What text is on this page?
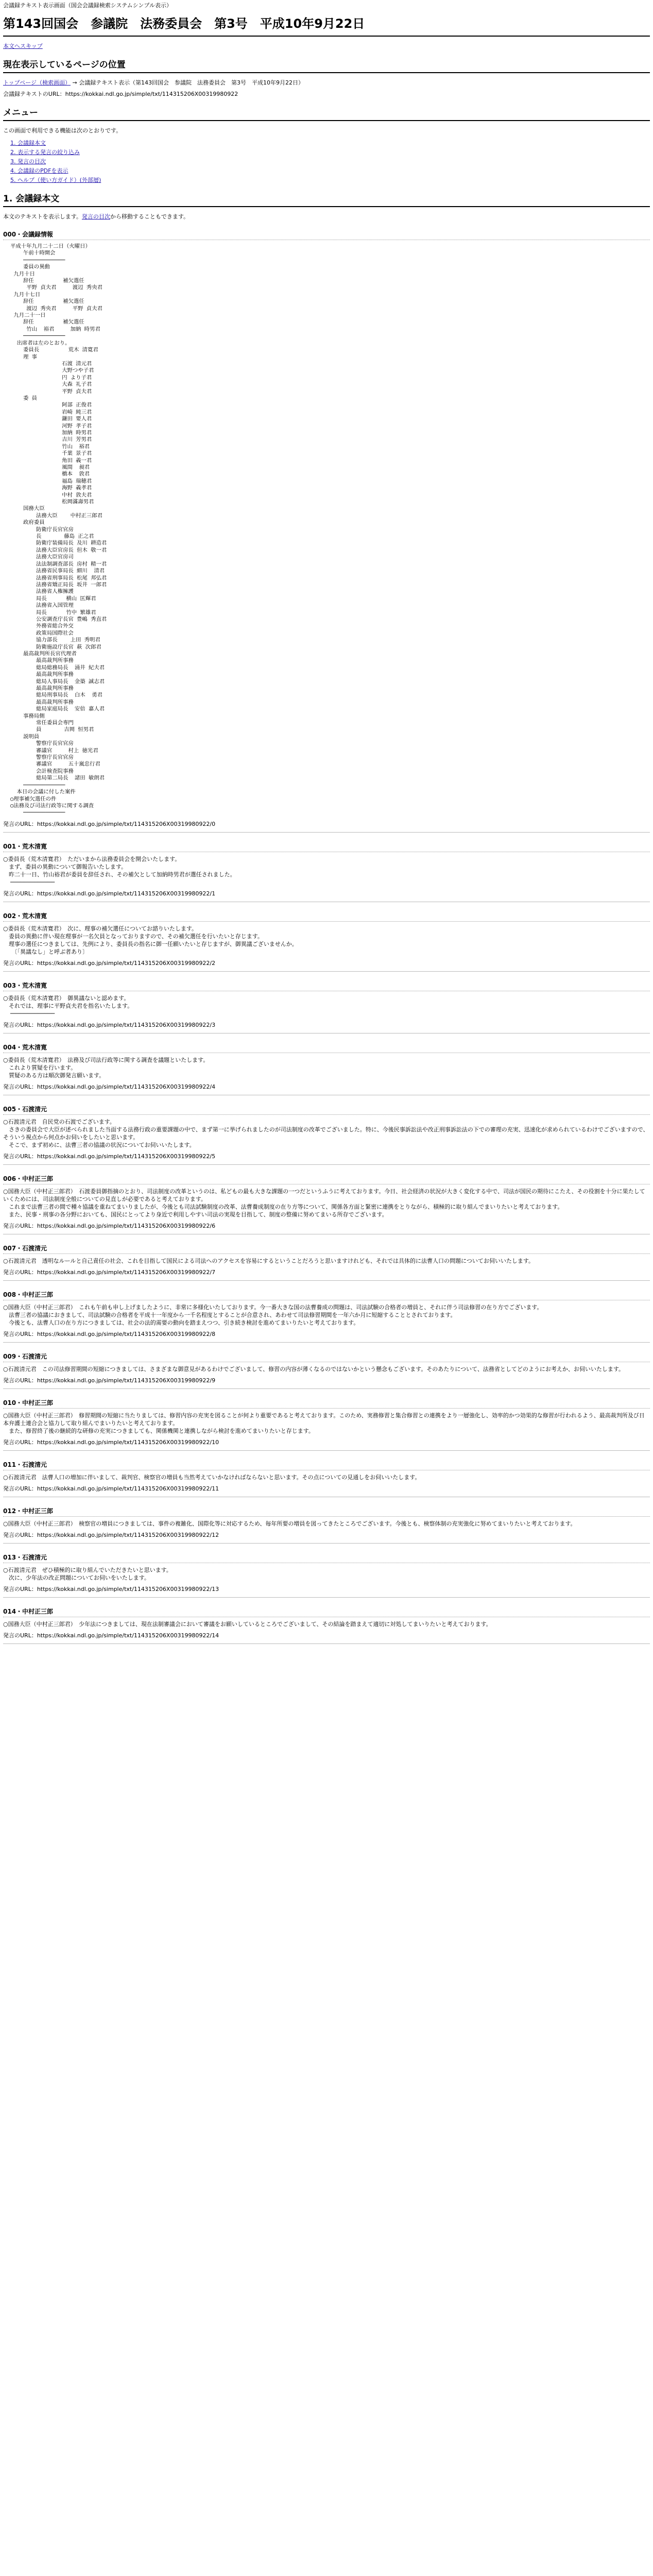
会議録テキスト表示画面（国会会議録検索システムシンプル表示）
第143回国会　参議院　法務委員会　第3号　平成10年9月22日
本文へスキップ
現在表示しているページの位置
トップページ（検索画面） → 会議録テキスト表示（第143回国会　参議院　法務委員会　第3号　平成10年9月22日）
会議録テキストのURL：https://kokkai.ndl.go.jp/simple/txt/114315206X00319980922
メニュー
この画面で利用できる機能は次のとおりです。
1. 会議録本文
2. 表示する発言の絞り込み
3. 発言の目次
4. 会議録のPDFを表示
5. ヘルプ（使い方ガイド）(外部層)
1. 会議録本文
本文のテキストを表示します。発言の目次から移動することもできます。
000・会議録情報
平成十年九月二十二日（火曜日）
午前十時開会
─────────────
委員の異動
九月十日
辞任         補欠選任
平野 貞夫君     渡辺 秀央君
九月十七日
辞任         補欠選任
渡辺 秀央君     平野 貞夫君
九月二十一日
辞任         補欠選任
竹山  裕君     加納 時男君
─────────────
出席者は左のとおり。
委員長         荒木 清寛君
理 事
石渡 清元君
大野つや子君
円 より子君
大森 礼子君
平野 貞夫君
委 員
阿部 正俊君
岩崎 純三君
鎌田 要人君
河野 孝子君
加納 時男君
吉川 芳男君
竹山  裕君
千葉 景子君
角田 義一君
風間  昶君
橋本  敦君
福島 瑞穂君
海野 義孝君
中村 敦夫君
松岡滿壽男君
国務大臣
法務大臣    中村正三郎君
政府委員
防衛庁長官官房
長       藤島 正之君
防衛庁装備局長 及川 耕造君
法務大臣官房長 但木 敬一君
法務大臣官房司
法法制調査部長 房村 精一君
法務省民事局長 細川  清君
法務省刑事局長 松尾 邦弘君
法務省矯正局長 坂井 一郎君
法務省人権擁護
局長      横山 匡輝君
法務省入国管理
局長      竹中 繁雄君
公安調査庁長官 豊嶋 秀直君
外務省総合外交
政策局国際社会
協力部長    上田 秀明君
防衛施設庁長官 萩 次郎君
最高裁判所長官代理者
最高裁判所事務
総局総務局長  涌井 紀夫君
最高裁判所事務
総局人事局長  金築 誠志君
最高裁判所事務
総局刑事局長  白木  勇君
最高裁判所事務
総局家庭局長  安倍 嘉人君
事務局側
常任委員会専門
員       吉岡 恒男君
説明員
警察庁長官官房
審議官     村上 徳光君
警察庁長官官房
審議官     五十嵐忠行君
会計検査院事務
総局第二局長  諸田 敏朗君
─────────────
本日の会議に付した案件
○理事補欠選任の件
○法務及び司法行政等に関する調査
─────────────
発言のURL：https://kokkai.ndl.go.jp/simple/txt/114315206X00319980922/0
001・荒木清寛
○委員長（荒木清寛君）　ただいまから法務委員会を開会いたします。
　まず、委員の異動について御報告いたします。
　昨二十一日、竹山裕君が委員を辞任され、その補欠として加納時男君が選任されました。
─────────────
発言のURL：https://kokkai.ndl.go.jp/simple/txt/114315206X00319980922/1
002・荒木清寛
○委員長（荒木清寛君）　次に、理事の補欠選任についてお諮りいたします。
　委員の異動に伴い現在理事が一名欠員となっておりますので、その補欠選任を行いたいと存じます。
　理事の選任につきましては、先例により、委員長の指名に御一任願いたいと存じますが、御異議ございませんか。
　　〔「異議なし」と呼ぶ者あり〕
発言のURL：https://kokkai.ndl.go.jp/simple/txt/114315206X00319980922/2
003・荒木清寛
○委員長（荒木清寛君）　御異議ないと認めます。
　それでは、理事に平野貞夫君を指名いたします。
─────────────
発言のURL：https://kokkai.ndl.go.jp/simple/txt/114315206X00319980922/3
004・荒木清寛
○委員長（荒木清寛君）　法務及び司法行政等に関する調査を議題といたします。
　これより質疑を行います。
　質疑のある方は順次御発言願います。
発言のURL：https://kokkai.ndl.go.jp/simple/txt/114315206X00319980922/4
005・石渡清元
○石渡清元君　自民党の石渡でございます。
　さきの委員会で大臣が述べられました当面する法務行政の重要課題の中で、まず第一に挙げられましたのが司法制度の改革でございました。特に、今後民事訴訟法や改正刑事訴訟法の下での審理の充実、迅速化が求められているわけでございますので、そういう視点から何点かお伺いをしたいと思います。
　そこで、まず初めに、法曹三者の協議の状況についてお伺いいたします。
発言のURL：https://kokkai.ndl.go.jp/simple/txt/114315206X00319980922/5
006・中村正三郎
○国務大臣（中村正三郎君）　石渡委員御指摘のとおり、司法制度の改革というのは、私どもの最も大きな課題の一つだというふうに考えております。今日、社会経済の状況が大きく変化する中で、司法が国民の期待にこたえ、その役割を十分に果たしていくためには、司法制度全般についての見直しが必要であると考えております。
　これまで法曹三者の間で種々協議を重ねてまいりましたが、今後とも司法試験制度の改革、法曹養成制度の在り方等について、関係各方面と緊密に連携をとりながら、積極的に取り組んでまいりたいと考えております。
　また、民事・刑事の各分野においても、国民にとってより身近で利用しやすい司法の実現を目指して、制度の整備に努めてまいる所存でございます。
発言のURL：https://kokkai.ndl.go.jp/simple/txt/114315206X00319980922/6
007・石渡清元
○石渡清元君　透明なルールと自己責任の社会、これを目指して国民による司法へのアクセスを容易にするということだろうと思いますけれども、それでは具体的に法曹人口の問題についてお伺いいたします。
発言のURL：https://kokkai.ndl.go.jp/simple/txt/114315206X00319980922/7
008・中村正三郎
○国務大臣（中村正三郎君）　これも午前も申し上げましたように、非常に多様化いたしております。今一番大きな国の法曹養成の問題は、司法試験の合格者の増員と、それに伴う司法修習の在り方でございます。
　法曹三者の協議におきまして、司法試験の合格者を平成十一年度から一千名程度とすることが合意され、あわせて司法修習期間を一年六か月に短縮することとされております。
　今後とも、法曹人口の在り方につきましては、社会の法的需要の動向を踏まえつつ、引き続き検討を進めてまいりたいと考えております。
発言のURL：https://kokkai.ndl.go.jp/simple/txt/114315206X00319980922/8
009・石渡清元
○石渡清元君　この司法修習期間の短縮につきましては、さまざまな御意見があるわけでございまして、修習の内容が薄くなるのではないかという懸念もございます。そのあたりについて、法務省としてどのようにお考えか、お伺いいたします。
発言のURL：https://kokkai.ndl.go.jp/simple/txt/114315206X00319980922/9
010・中村正三郎
○国務大臣（中村正三郎君）　修習期間の短縮に当たりましては、修習内容の充実を図ることが何より重要であると考えております。このため、実務修習と集合修習との連携をより一層強化し、効率的かつ効果的な修習が行われるよう、最高裁判所及び日本弁護士連合会と協力して取り組んでまいりたいと考えております。
　また、修習終了後の継続的な研修の充実につきましても、関係機関と連携しながら検討を進めてまいりたいと存じます。
発言のURL：https://kokkai.ndl.go.jp/simple/txt/114315206X00319980922/10
011・石渡清元
○石渡清元君　法曹人口の増加に伴いまして、裁判官、検察官の増員も当然考えていかなければならないと思います。その点についての見通しをお伺いいたします。
発言のURL：https://kokkai.ndl.go.jp/simple/txt/114315206X00319980922/11
012・中村正三郎
○国務大臣（中村正三郎君）　検察官の増員につきましては、事件の複雑化、国際化等に対応するため、毎年所要の増員を図ってきたところでございます。今後とも、検察体制の充実強化に努めてまいりたいと考えております。
発言のURL：https://kokkai.ndl.go.jp/simple/txt/114315206X00319980922/12
013・石渡清元
○石渡清元君　ぜひ積極的に取り組んでいただきたいと思います。
　次に、少年法の改正問題についてお伺いをいたします。
発言のURL：https://kokkai.ndl.go.jp/simple/txt/114315206X00319980922/13
014・中村正三郎
○国務大臣（中村正三郎君）　少年法につきましては、現在法制審議会において審議をお願いしているところでございまして、その結論を踏まえて適切に対処してまいりたいと考えております。
発言のURL：https://kokkai.ndl.go.jp/simple/txt/114315206X00319980922/14
